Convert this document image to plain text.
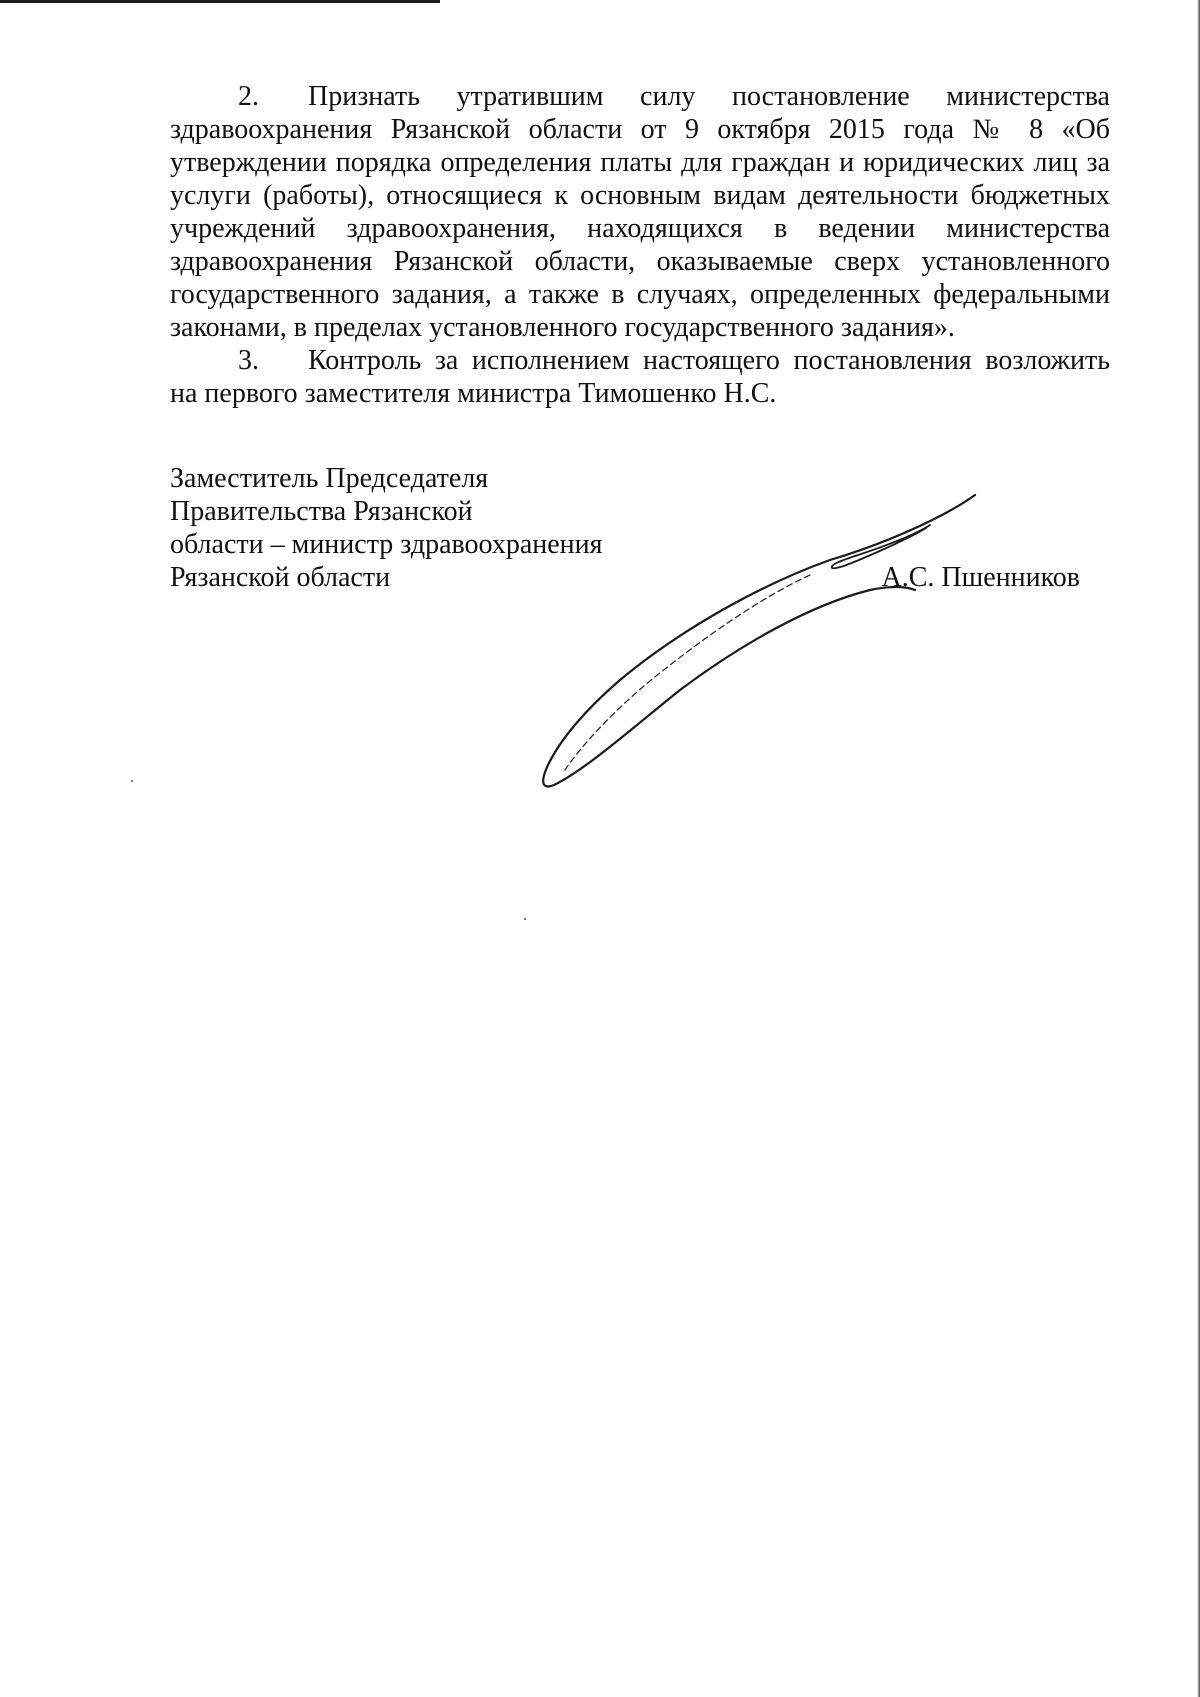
2. Признать утратившим силу постановление министерства здравоохранения Рязанской области от 9 октября 2015 года № 8 «Об утверждении порядка определения платы для граждан и юридических лиц за услуги (работы), относящиеся к основным видам деятельности бюджетных учреждений здравоохранения, находящихся в ведении министерства здравоохранения Рязанской области, оказываемые сверх установленного государственного задания, а также в случаях, определенных федеральными законами, в пределах установленного государственного задания».

3. Контроль за исполнением настоящего постановления возложить на первого заместителя министра Тимошенко Н.С.

Заместитель Председателя
Правительства Рязанской
области – министр здравоохранения
Рязанской области	А.С. Пшенников
